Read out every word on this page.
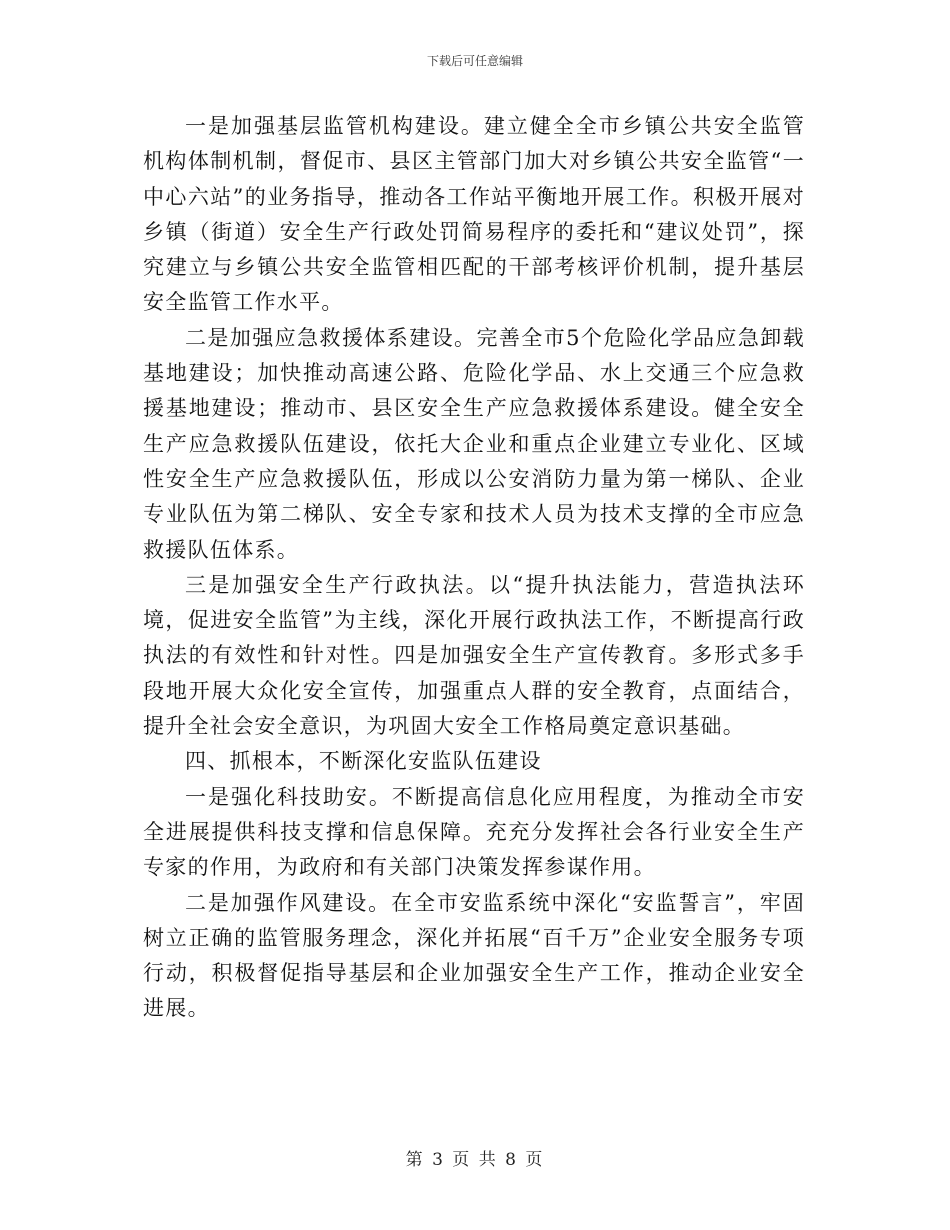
下载后可任意编辑

一是加强基层监管机构建设。建立健全全市乡镇公共安全监管机构体制机制，督促市、县区主管部门加大对乡镇公共安全监管“一中心六站”的业务指导，推动各工作站平衡地开展工作。积极开展对乡镇（街道）安全生产行政处罚简易程序的委托和“建议处罚”，探究建立与乡镇公共安全监管相匹配的干部考核评价机制，提升基层安全监管工作水平。

二是加强应急救援体系建设。完善全市5个危险化学品应急卸载基地建设；加快推动高速公路、危险化学品、水上交通三个应急救援基地建设；推动市、县区安全生产应急救援体系建设。健全安全生产应急救援队伍建设，依托大企业和重点企业建立专业化、区域性安全生产应急救援队伍，形成以公安消防力量为第一梯队、企业专业队伍为第二梯队、安全专家和技术人员为技术支撑的全市应急救援队伍体系。

三是加强安全生产行政执法。以“提升执法能力，营造执法环境，促进安全监管”为主线，深化开展行政执法工作，不断提高行政执法的有效性和针对性。四是加强安全生产宣传教育。多形式多手段地开展大众化安全宣传，加强重点人群的安全教育，点面结合，提升全社会安全意识，为巩固大安全工作格局奠定意识基础。

四、抓根本，不断深化安监队伍建设

一是强化科技助安。不断提高信息化应用程度，为推动全市安全进展提供科技支撑和信息保障。充充分发挥社会各行业安全生产专家的作用，为政府和有关部门决策发挥参谋作用。

二是加强作风建设。在全市安监系统中深化“安监誓言”，牢固树立正确的监管服务理念，深化并拓展“百千万”企业安全服务专项行动，积极督促指导基层和企业加强安全生产工作，推动企业安全进展。

第 3 页 共 8 页
